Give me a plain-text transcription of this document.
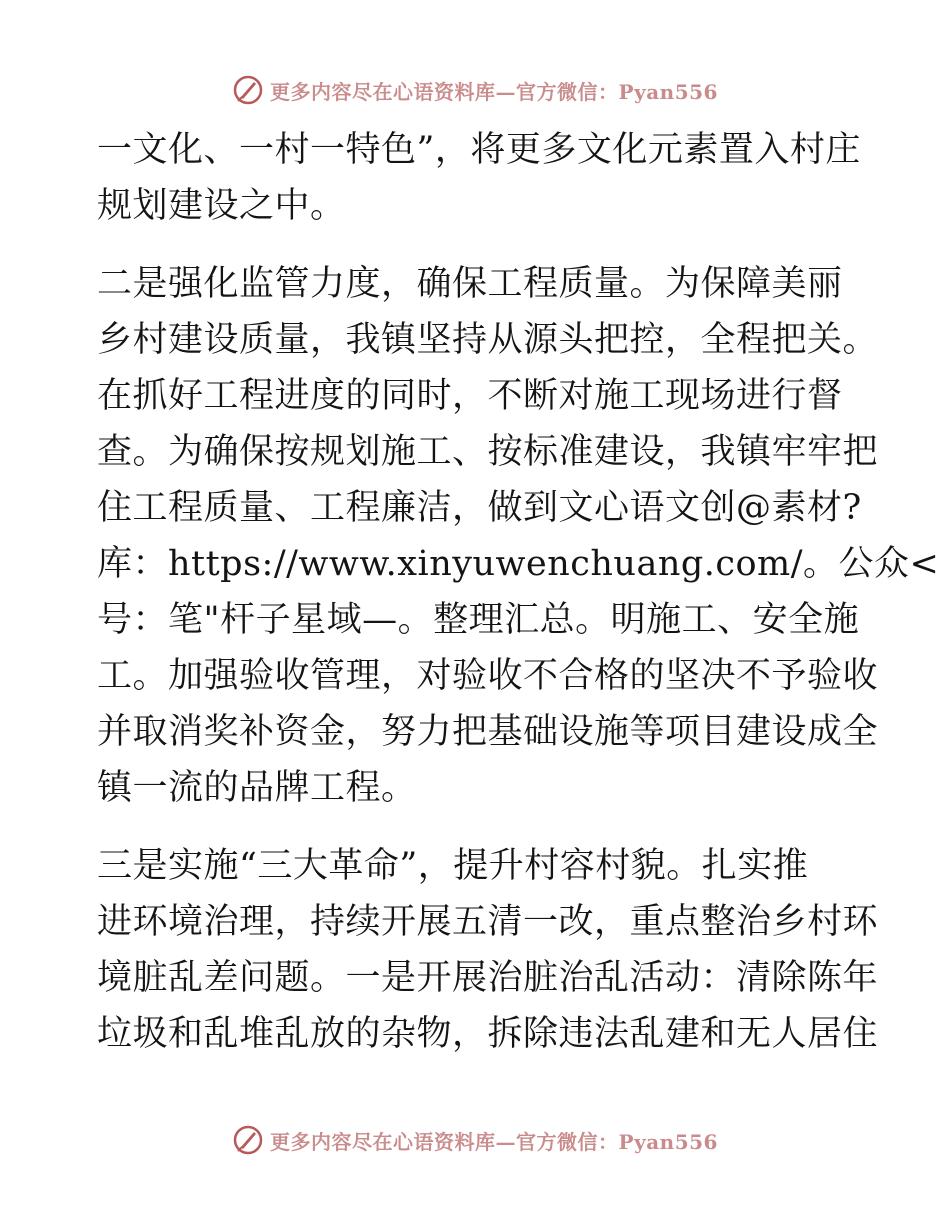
更多内容尽在心语资料库—官方微信：Pyan556
一文化、一村一特色”，将更多文化元素置入村庄
规划建设之中。
二是强化监管力度，确保工程质量。为保障美丽
乡村建设质量，我镇坚持从源头把控，全程把关。
在抓好工程进度的同时，不断对施工现场进行督
查。为确保按规划施工、按标准建设，我镇牢牢把
住工程质量、工程廉洁，做到文心语文创@素材?
库：https://www.xinyuwenchuang.com/。公众<
号：笔"杆子星域—。整理汇总。明施工、安全施
工。加强验收管理，对验收不合格的坚决不予验收
并取消奖补资金，努力把基础设施等项目建设成全
镇一流的品牌工程。
三是实施“三大革命”，提升村容村貌。扎实推
进环境治理，持续开展五清一改，重点整治乡村环
境脏乱差问题。一是开展治脏治乱活动：清除陈年
垃圾和乱堆乱放的杂物，拆除违法乱建和无人居住
更多内容尽在心语资料库—官方微信：Pyan556
